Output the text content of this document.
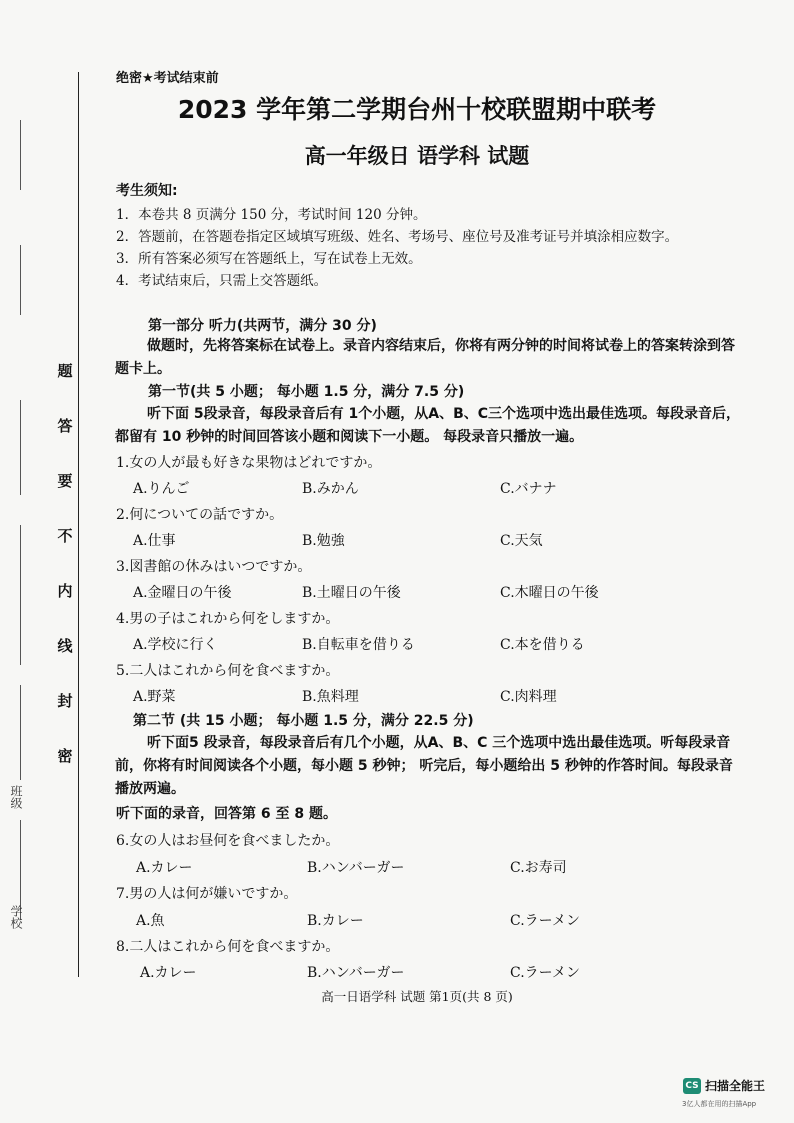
班级
学校
题
答
要
不
内
线
封
密
绝密★考试结束前
2023 学年第二学期台州十校联盟期中联考
高一年级日 语学科 试题
考生须知:
1．本卷共 8 页满分 150 分，考试时间 120 分钟。
2．答题前，在答题卷指定区域填写班级、姓名、考场号、座位号及准考证号并填涂相应数字。
3．所有答案必须写在答题纸上，写在试卷上无效。
4．考试结束后，只需上交答题纸。
第一部分 听力(共两节，满分 30 分)
做题时，先将答案标在试卷上。录音内容结束后，你将有两分钟的时间将试卷上的答案转涂到答题卡上。
第一节(共 5 小题； 每小题 1.5 分，满分 7.5 分)
听下面 5段录音，每段录音后有 1个小题，从A、B、C三个选项中选出最佳选项。每段录音后，都留有 10 秒钟的时间回答该小题和阅读下一小题。 每段录音只播放一遍。
1.女の人が最も好きな果物はどれですか。
A.りんご	B.みかん	C.バナナ
2.何についての話ですか。
A.仕事	B.勉強	C.天気
3.図書館の休みはいつですか。
A.金曜日の午後	B.土曜日の午後	C.木曜日の午後
4.男の子はこれから何をしますか。
A.学校に行く	B.自転車を借りる	C.本を借りる
5.二人はこれから何を食べますか。
A.野菜	B.魚料理	C.肉料理
第二节 (共 15 小题； 每小题 1.5 分，满分 22.5 分)
听下面5 段录音，每段录音后有几个小题，从A、B、C 三个选项中选出最佳选项。听每段录音前，你将有时间阅读各个小题，每小题 5 秒钟； 听完后，每小题给出 5 秒钟的作答时间。每段录音播放两遍。
听下面的录音，回答第 6 至 8 题。
6.女の人はお昼何を食べましたか。
A.カレー	B.ハンバーガー	C.お寿司
7.男の人は何が嫌いですか。
A.魚	B.カレー	C.ラーメン
8.二人はこれから何を食べますか。
A.カレー	B.ハンバーガー	C.ラーメン
高一日语学科 试题 第1页(共 8 页)
CS 扫描全能王
3亿人都在用的扫描App
